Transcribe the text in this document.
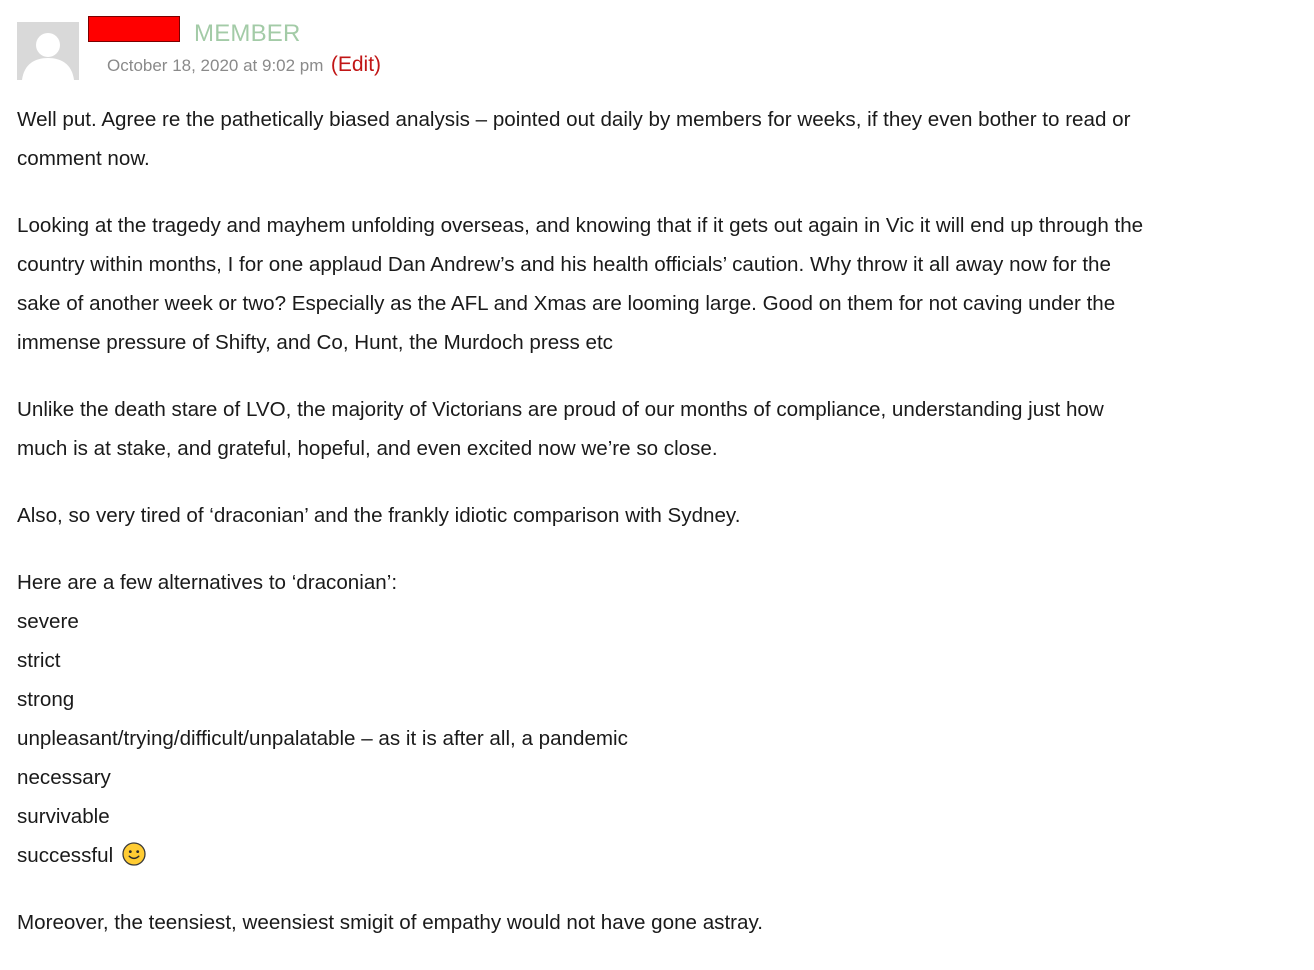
MEMBER
October 18, 2020 at 9:02 pm (Edit)

Well put. Agree re the pathetically biased analysis – pointed out daily by members for weeks, if they even bother to read or
comment now.

Looking at the tragedy and mayhem unfolding overseas, and knowing that if it gets out again in Vic it will end up through the
country within months, I for one applaud Dan Andrew’s and his health officials’ caution. Why throw it all away now for the
sake of another week or two? Especially as the AFL and Xmas are looming large. Good on them for not caving under the
immense pressure of Shifty, and Co, Hunt, the Murdoch press etc

Unlike the death stare of LVO, the majority of Victorians are proud of our months of compliance, understanding just how
much is at stake, and grateful, hopeful, and even excited now we’re so close.

Also, so very tired of ‘draconian’ and the frankly idiotic comparison with Sydney.

Here are a few alternatives to ‘draconian’:
severe
strict
strong
unpleasant/trying/difficult/unpalatable – as it is after all, a pandemic
necessary
survivable
successful

Moreover, the teensiest, weensiest smigit of empathy would not have gone astray.
